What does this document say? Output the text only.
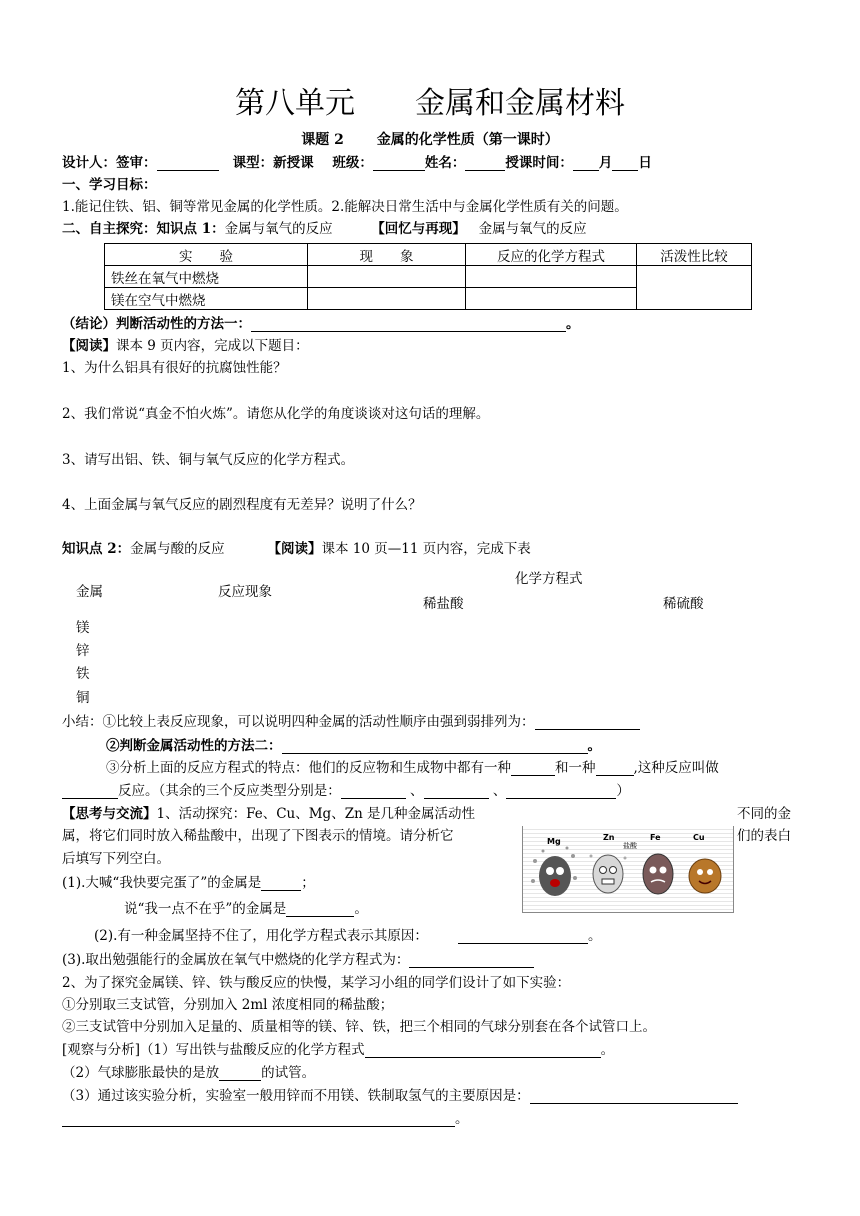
第八单元　　金属和金属材料
课题 2　　 金属的化学性质（第一课时）
设计人：签审：	课型：新授课 班级：	姓名：	授课时间： 月 日
一、学习目标：
1.能记住铁、铝、铜等常见金属的化学性质。2.能解决日常生活中与金属化学性质有关的问题。
二、自主探究：知识点 1：金属与氧气的反应	【回忆与再现】 金属与氧气的反应
实　　验	现　　象	反应的化学方程式	活泼性比较
铁丝在氧气中燃烧			
镁在空气中燃烧			
（结论）判断活动性的方法一：	。
【阅读】课本 9 页内容，完成以下题目：
1、为什么铝具有很好的抗腐蚀性能？
2、我们常说“真金不怕火炼”。请您从化学的角度谈谈对这句话的理解。
3、请写出铝、铁、铜与氧气反应的化学方程式。
4、上面金属与氧气反应的剧烈程度有无差异？说明了什么？
知识点 2：金属与酸的反应	【阅读】课本 10 页—11 页内容，完成下表
金属	反应现象
化学方程式
稀盐酸	稀硫酸
镁
锌
铁
铜
小结：①比较上表反应现象，可以说明四种金属的活动性顺序由强到弱排列为：
②判断金属活动性的方法二：	。
③分析上面的反应方程式的特点：他们的反应物和生成物中都有一种	和一种	,这种反应叫做
反应。（其余的三个反应类型分别是：	、	、	）
【思考与交流】1、活动探究：Fe、Cu、Mg、Zn 是几种金属活动性	不同的金
属，将它们同时放入稀盐酸中，出现了下图表示的情境。请分析它	们的表白
后填写下列空白。
Mg	Zn	Fe	Cu
盐酸
(1).大喊“我快要完蛋了”的金属是	；
说“我一点不在乎”的金属是	。
(2).有一种金属坚持不住了，用化学方程式表示其原因：	。
(3).取出勉强能行的金属放在氧气中燃烧的化学方程式为：
2、为了探究金属镁、锌、铁与酸反应的快慢，某学习小组的同学们设计了如下实验：
①分别取三支试管，分别加入 2ml 浓度相同的稀盐酸；
②三支试管中分别加入足量的、质量相等的镁、锌、铁，把三个相同的气球分别套在各个试管口上。
[观察与分析]（1）写出铁与盐酸反应的化学方程式	。
（2）气球膨胀最快的是放	的试管。
（3）通过该实验分析，实验室一般用锌而不用镁、铁制取氢气的主要原因是：
。
